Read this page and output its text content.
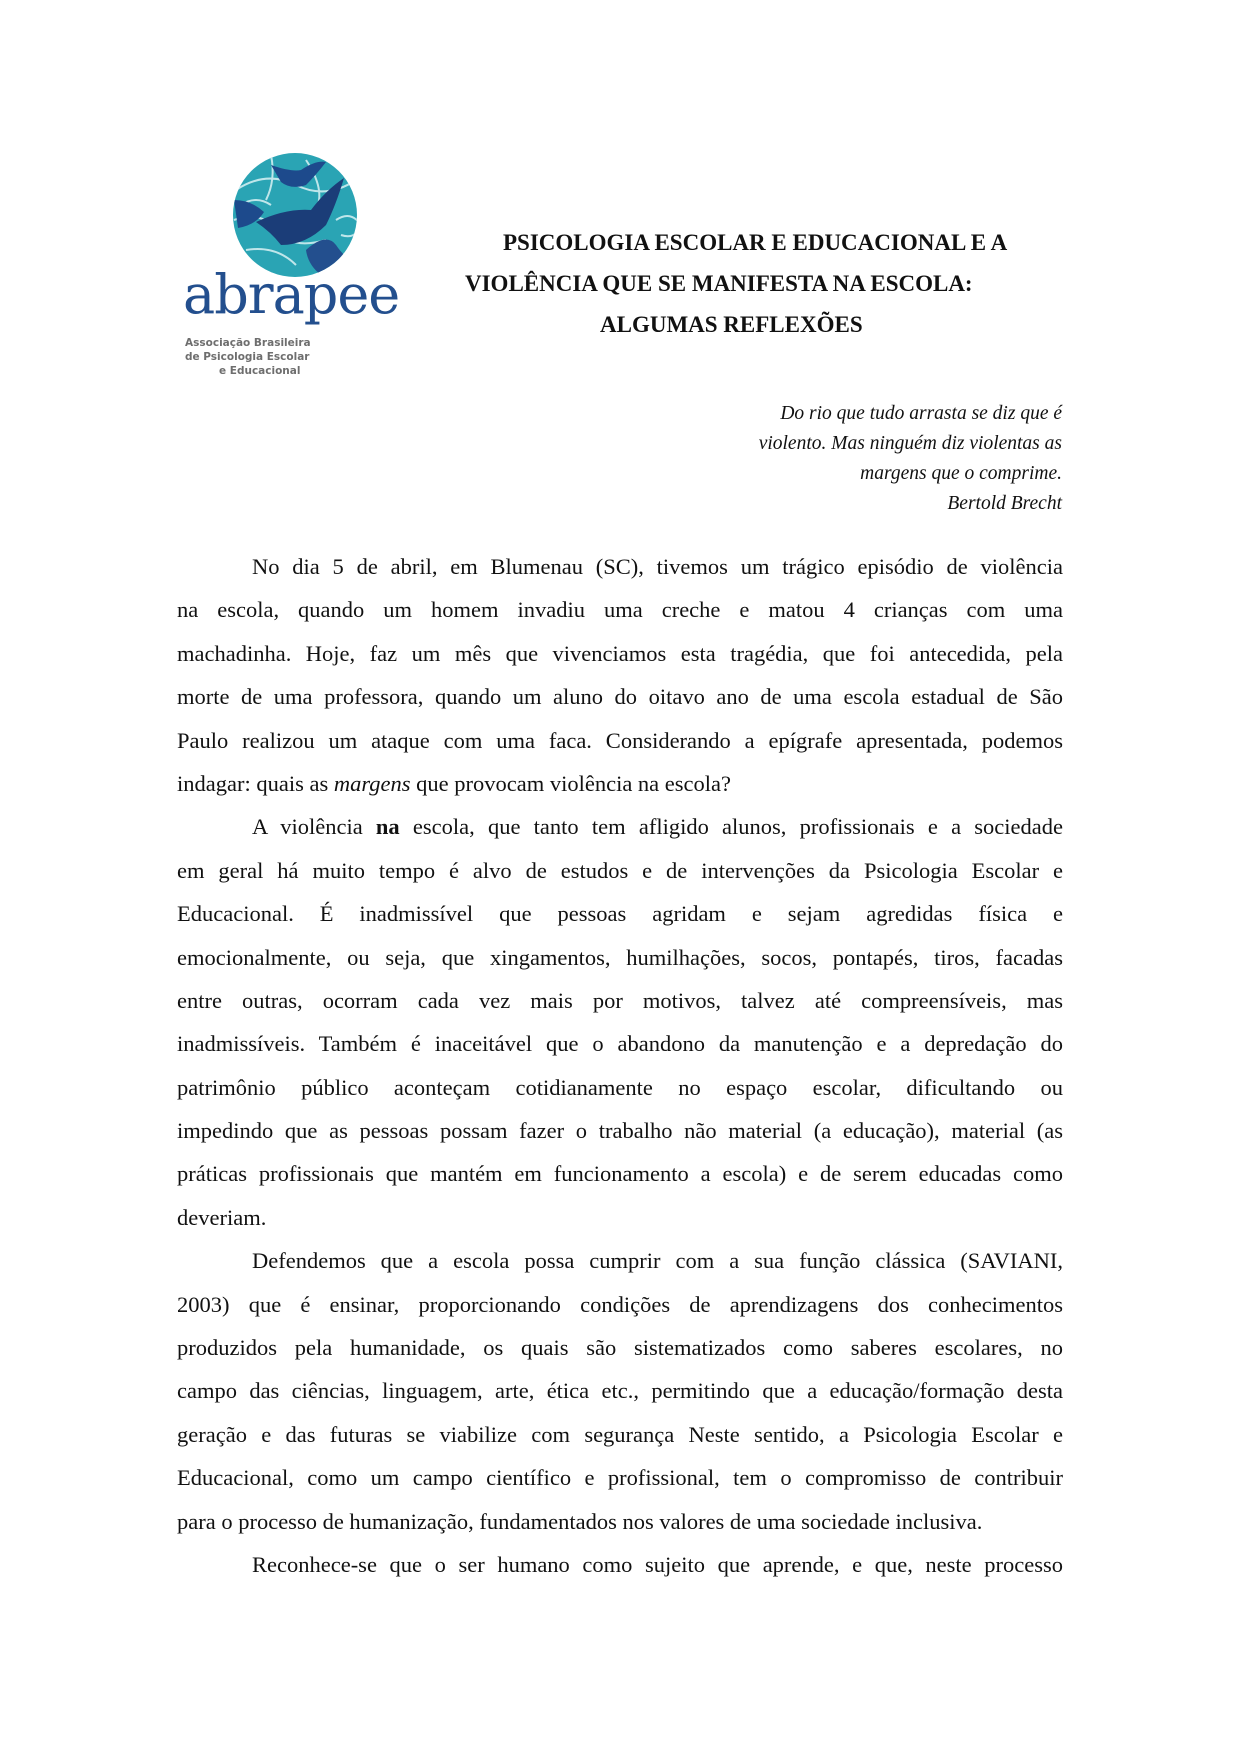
abrapee
Associação Brasileira
de Psicologia Escolar
e Educacional
PSICOLOGIA ESCOLAR E EDUCACIONAL E A
VIOLÊNCIA QUE SE MANIFESTA NA ESCOLA:
ALGUMAS REFLEXÕES
Do rio que tudo arrasta se diz que é
violento. Mas ninguém diz violentas as
margens que o comprime.
Bertold Brecht
No dia 5 de abril, em Blumenau (SC), tivemos um trágico episódio de violência
na escola, quando um homem invadiu uma creche e matou 4 crianças com uma
machadinha. Hoje, faz um mês que vivenciamos esta tragédia, que foi antecedida, pela
morte de uma professora, quando um aluno do oitavo ano de uma escola estadual de São
Paulo realizou um ataque com uma faca. Considerando a epígrafe apresentada, podemos
indagar: quais as margens que provocam violência na escola?
A violência na escola, que tanto tem afligido alunos, profissionais e a sociedade
em geral há muito tempo é alvo de estudos e de intervenções da Psicologia Escolar e
Educacional. É inadmissível que pessoas agridam e sejam agredidas física e
emocionalmente, ou seja, que xingamentos, humilhações, socos, pontapés, tiros, facadas
entre outras, ocorram cada vez mais por motivos, talvez até compreensíveis, mas
inadmissíveis. Também é inaceitável que o abandono da manutenção e a depredação do
patrimônio público aconteçam cotidianamente no espaço escolar, dificultando ou
impedindo que as pessoas possam fazer o trabalho não material (a educação), material (as
práticas profissionais que mantém em funcionamento a escola) e de serem educadas como
deveriam.
Defendemos que a escola possa cumprir com a sua função clássica (SAVIANI,
2003) que é ensinar, proporcionando condições de aprendizagens dos conhecimentos
produzidos pela humanidade, os quais são sistematizados como saberes escolares, no
campo das ciências, linguagem, arte, ética etc., permitindo que a educação/formação desta
geração e das futuras se viabilize com segurança Neste sentido, a Psicologia Escolar e
Educacional, como um campo científico e profissional, tem o compromisso de contribuir
para o processo de humanização, fundamentados nos valores de uma sociedade inclusiva.
Reconhece-se que o ser humano como sujeito que aprende, e que, neste processo
